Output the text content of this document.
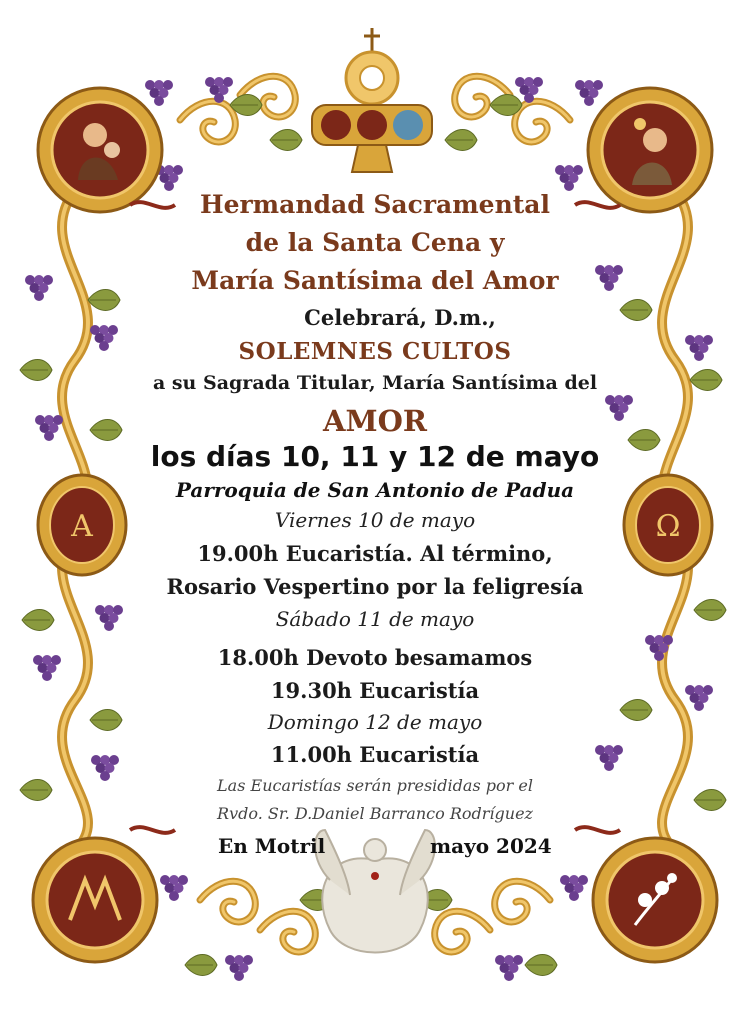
Α	Ω
Hermandad Sacramental
de la Santa Cena y
María Santísima del Amor
Celebrará, D.m.,
SOLEMNES CULTOS
a su Sagrada Titular, María Santísima del
AMOR
los días 10, 11 y 12 de mayo
Parroquia de San Antonio de Padua
Viernes 10 de mayo
19.00h Eucaristía. Al término,
Rosario Vespertino por la feligresía
Sábado 11 de mayo
18.00h Devoto besamamos
19.30h Eucaristía
Domingo 12 de mayo
11.00h Eucaristía
Las Eucaristías serán presididas por el
Rvdo. Sr. D.Daniel Barranco Rodríguez
En Motril	mayo 2024
